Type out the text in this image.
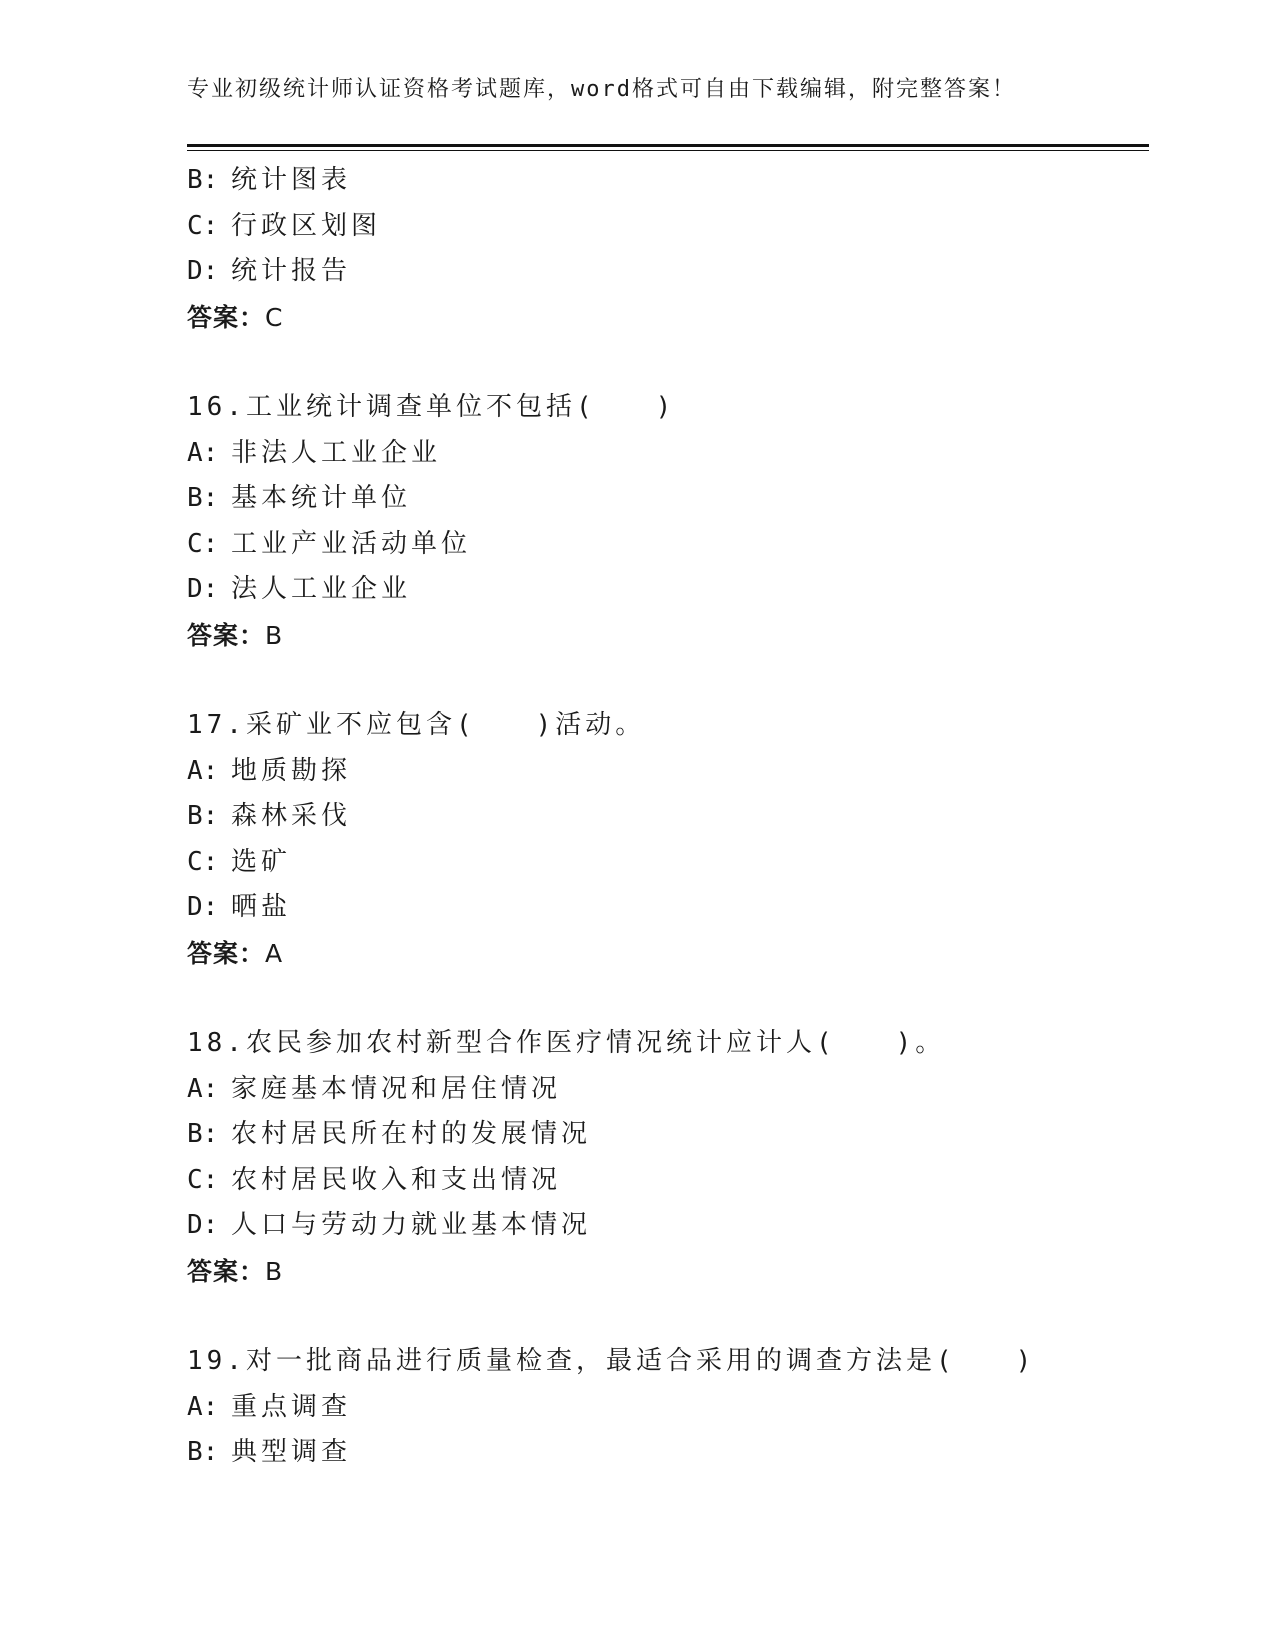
专业初级统计师认证资格考试题库，word格式可自由下载编辑，附完整答案！
B: 统计图表
C: 行政区划图
D: 统计报告
答案：C
16.工业统计调查单位不包括(　　)
A: 非法人工业企业
B: 基本统计单位
C: 工业产业活动单位
D: 法人工业企业
答案：B
17.采矿业不应包含(　　)活动。
A: 地质勘探
B: 森林采伐
C: 选矿
D: 晒盐
答案：A
18.农民参加农村新型合作医疗情况统计应计人(　　)。
A: 家庭基本情况和居住情况
B: 农村居民所在村的发展情况
C: 农村居民收入和支出情况
D: 人口与劳动力就业基本情况
答案：B
19.对一批商品进行质量检查，最适合采用的调查方法是(　　)
A: 重点调查
B: 典型调查
